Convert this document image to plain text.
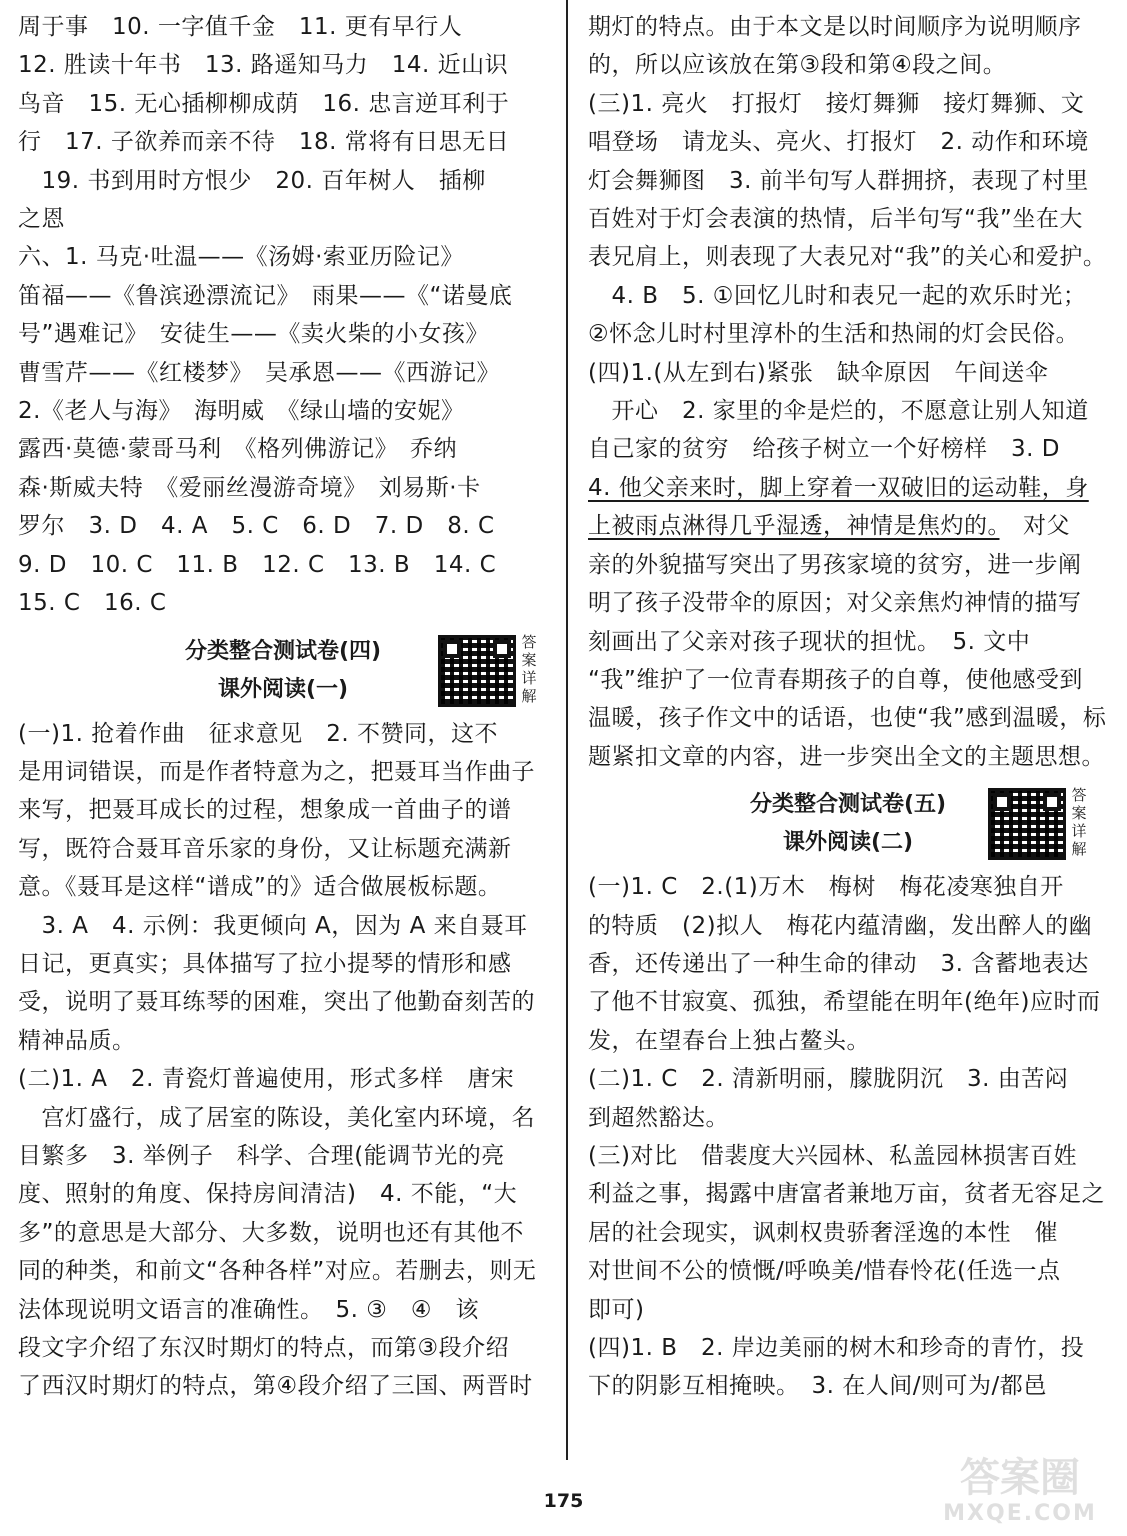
周于事　10. 一字值千金　11. 更有早行人

12. 胜读十年书　13. 路遥知马力　14. 近山识

鸟音　15. 无心插柳柳成荫　16. 忠言逆耳利于

行　17. 子欲养而亲不待　18. 常将有日思无日

　19. 书到用时方恨少　20. 百年树人　插柳

之恩

六、1. 马克·吐温——《汤姆·索亚历险记》

笛福——《鲁滨逊漂流记》　雨果——《“诺曼底

号”遇难记》　安徒生——《卖火柴的小女孩》

曹雪芹——《红楼梦》　吴承恩——《西游记》

2.《老人与海》　海明威　《绿山墙的安妮》

露西·莫德·蒙哥马利　《格列佛游记》　乔纳

森·斯威夫特　《爱丽丝漫游奇境》　刘易斯·卡

罗尔　3. D　4. A　5. C　6. D　7. D　8. C

9. D　10. C　11. B　12. C　13. B　14. C

15. C　16. C

分类整合测试卷(四)
课外阅读(一)
答案详解

(一)1. 抢着作曲　征求意见　2. 不赞同，这不

是用词错误，而是作者特意为之，把聂耳当作曲子

来写，把聂耳成长的过程，想象成一首曲子的谱

写，既符合聂耳音乐家的身份，又让标题充满新

意。《聂耳是这样“谱成”的》适合做展板标题。

　3. A　4. 示例：我更倾向 A，因为 A 来自聂耳

日记，更真实；具体描写了拉小提琴的情形和感

受，说明了聂耳练琴的困难，突出了他勤奋刻苦的

精神品质。

(二)1. A　2. 青瓷灯普遍使用，形式多样　唐宋

　宫灯盛行，成了居室的陈设，美化室内环境，名

目繁多　3. 举例子　科学、合理(能调节光的亮

度、照射的角度、保持房间清洁)　4. 不能，“大

多”的意思是大部分、大多数，说明也还有其他不

同的种类，和前文“各种各样”对应。若删去，则无

法体现说明文语言的准确性。　5. ③　④　该

段文字介绍了东汉时期灯的特点，而第③段介绍

了西汉时期灯的特点，第④段介绍了三国、两晋时

期灯的特点。由于本文是以时间顺序为说明顺序

的，所以应该放在第③段和第④段之间。

(三)1. 亮火　打报灯　接灯舞狮　接灯舞狮、文

唱登场　请龙头、亮火、打报灯　2. 动作和环境

灯会舞狮图　3. 前半句写人群拥挤，表现了村里

百姓对于灯会表演的热情，后半句写“我”坐在大

表兄肩上，则表现了大表兄对“我”的关心和爱护。

　4. B　5. ①回忆儿时和表兄一起的欢乐时光；

②怀念儿时村里淳朴的生活和热闹的灯会民俗。

(四)1.(从左到右)紧张　缺伞原因　午间送伞

　开心　2. 家里的伞是烂的，不愿意让别人知道

自己家的贫穷　给孩子树立一个好榜样　3. D

4. 他父亲来时，脚上穿着一双破旧的运动鞋，身

上被雨点淋得几乎湿透，神情是焦灼的。　对父

亲的外貌描写突出了男孩家境的贫穷，进一步阐

明了孩子没带伞的原因；对父亲焦灼神情的描写

刻画出了父亲对孩子现状的担忧。　5. 文中

“我”维护了一位青春期孩子的自尊，使他感受到

温暖，孩子作文中的话语，也使“我”感到温暖，标

题紧扣文章的内容，进一步突出全文的主题思想。

分类整合测试卷(五)
课外阅读(二)
答案详解

(一)1. C　2.(1)万木　梅树　梅花凌寒独自开

的特质　(2)拟人　梅花内蕴清幽，发出醉人的幽

香，还传递出了一种生命的律动　3. 含蓄地表达

了他不甘寂寞、孤独，希望能在明年(绝年)应时而

发，在望春台上独占鳌头。

(二)1. C　2. 清新明丽，朦胧阴沉　3. 由苦闷

到超然豁达。

(三)对比　借裴度大兴园林、私盖园林损害百姓

利益之事，揭露中唐富者兼地万亩，贫者无容足之

居的社会现实，讽刺权贵骄奢淫逸的本性　催

对世间不公的愤慨/呼唤美/惜春怜花(任选一点

即可)

(四)1. B　2. 岸边美丽的树木和珍奇的青竹，投

下的阴影互相掩映。　3. 在人间/则可为/都邑

175	答案圈
MXQE.COM
